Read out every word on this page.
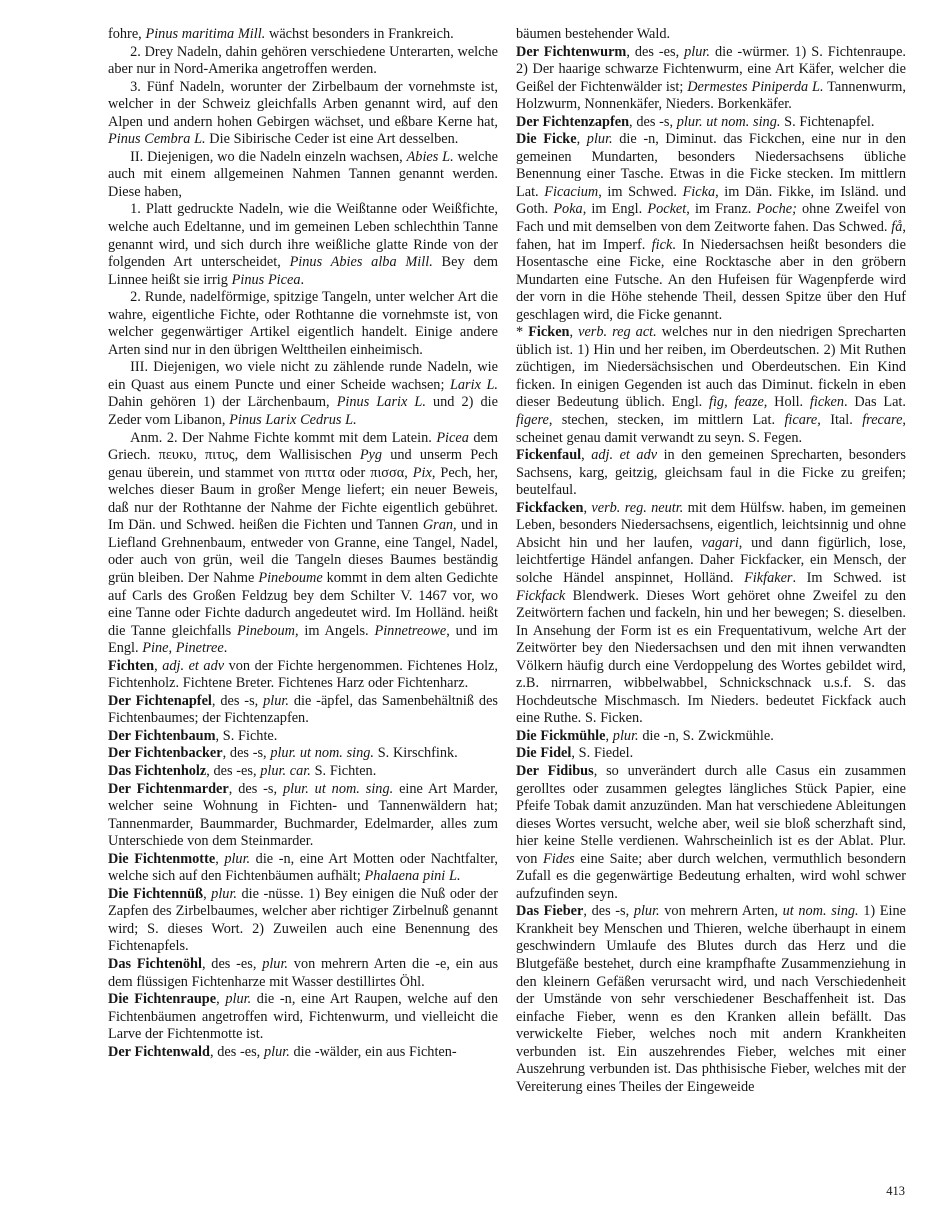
fohre, Pinus maritima Mill. wächst besonders in Frankreich.

2. Drey Nadeln, dahin gehören verschiedene Unterarten, welche aber nur in Nord-Amerika angetroffen werden.

3. Fünf Nadeln, worunter der Zirbelbaum der vornehmste ist, welcher in der Schweiz gleichfalls Arben genannt wird, auf den Alpen und andern hohen Gebirgen wächset, und eßbare Kerne hat, Pinus Cembra L. Die Sibirische Ceder ist eine Art desselben.

II. Diejenigen, wo die Nadeln einzeln wachsen, Abies L. welche auch mit einem allgemeinen Nahmen Tannen genannt werden. Diese haben,

1. Platt gedruckte Nadeln, wie die Weißtanne oder Weißfichte, welche auch Edeltanne, und im gemeinen Leben schlechthin Tanne genannt wird, und sich durch ihre weißliche glatte Rinde von der folgenden Art unterscheidet, Pinus Abies alba Mill. Bey dem Linnee heißt sie irrig Pinus Picea.

2. Runde, nadelförmige, spitzige Tangeln, unter welcher Art die wahre, eigentliche Fichte, oder Rothtanne die vornehmste ist, von welcher gegenwärtiger Artikel eigentlich handelt. Einige andere Arten sind nur in den übrigen Welttheilen einheimisch.

III. Diejenigen, wo viele nicht zu zählende runde Nadeln, wie ein Quast aus einem Puncte und einer Scheide wachsen; Larix L. Dahin gehören 1) der Lärchenbaum, Pinus Larix L. und 2) die Zeder vom Libanon, Pinus Larix Cedrus L.

Anm. 2. Der Nahme Fichte kommt mit dem Latein. Picea dem Griech. πευκυ, πιτυς, dem Wallisischen Pyg und unserm Pech genau überein, und stammet von πιττα oder πισσα, Pix, Pech, her, welches dieser Baum in großer Menge liefert; ein neuer Beweis, daß nur der Rothtanne der Nahme der Fichte eigentlich gebühret. Im Dän. und Schwed. heißen die Fichten und Tannen Gran, und in Liefland Grehnenbaum, entweder von Granne, eine Tangel, Nadel, oder auch von grün, weil die Tangeln dieses Baumes beständig grün bleiben. Der Nahme Pineboume kommt in dem alten Gedichte auf Carls des Großen Feldzug bey dem Schilter V. 1467 vor, wo eine Tanne oder Fichte dadurch angedeutet wird. Im Holländ. heißt die Tanne gleichfalls Pineboum, im Angels. Pinnetreowe, und im Engl. Pine, Pinetree.

Fichten, adj. et adv von der Fichte hergenommen. Fichtenes Holz, Fichtenholz. Fichtene Breter. Fichtenes Harz oder Fichtenharz.

Der Fichtenapfel, des -s, plur. die -äpfel, das Samenbehältniß des Fichtenbaumes; der Fichtenzapfen.

Der Fichtenbaum, S. Fichte.

Der Fichtenbacker, des -s, plur. ut nom. sing. S. Kirschfink.

Das Fichtenholz, des -es, plur. car. S. Fichten.

Der Fichtenmarder, des -s, plur. ut nom. sing. eine Art Marder, welcher seine Wohnung in Fichten- und Tannenwäldern hat; Tannenmarder, Baummarder, Buchmarder, Edelmarder, alles zum Unterschiede von dem Steinmarder.

Die Fichtenmotte, plur. die -n, eine Art Motten oder Nachtfalter, welche sich auf den Fichtenbäumen aufhält; Phalaena pini L.

Die Fichtennüß, plur. die -nüsse. 1) Bey einigen die Nuß oder der Zapfen des Zirbelbaumes, welcher aber richtiger Zirbelnuß genannt wird; S. dieses Wort. 2) Zuweilen auch eine Benennung des Fichtenapfels.

Das Fichtenöhl, des -es, plur. von mehrern Arten die -e, ein aus dem flüssigen Fichtenharze mit Wasser destillirtes Öhl.

Die Fichtenraupe, plur. die -n, eine Art Raupen, welche auf den Fichtenbäumen angetroffen wird, Fichtenwurm, und vielleicht die Larve der Fichtenmotte ist.

Der Fichtenwald, des -es, plur. die -wälder, ein aus Fichten-

bäumen bestehender Wald.

Der Fichtenwurm, des -es, plur. die -würmer. 1) S. Fichtenraupe. 2) Der haarige schwarze Fichtenwurm, eine Art Käfer, welcher die Geißel der Fichtenwälder ist; Dermestes Piniperda L. Tannenwurm, Holzwurm, Nonnenkäfer, Nieders. Borkenkäfer.

Der Fichtenzapfen, des -s, plur. ut nom. sing. S. Fichtenapfel.

Die Ficke, plur. die -n, Diminut. das Fickchen, eine nur in den gemeinen Mundarten, besonders Niedersachsens übliche Benennung einer Tasche. Etwas in die Ficke stecken. Im mittlern Lat. Ficacium, im Schwed. Ficka, im Dän. Fikke, im Isländ. und Goth. Poka, im Engl. Pocket, im Franz. Poche; ohne Zweifel von Fach und mit demselben von dem Zeitworte fahen. Das Schwed. få, fahen, hat im Imperf. fick. In Niedersachsen heißt besonders die Hosentasche eine Ficke, eine Rocktasche aber in den gröbern Mundarten eine Futsche. An den Hufeisen für Wagenpferde wird der vorn in die Höhe stehende Theil, dessen Spitze über den Huf geschlagen wird, die Ficke genannt.

* Ficken, verb. reg act. welches nur in den niedrigen Sprecharten üblich ist. 1) Hin und her reiben, im Oberdeutschen. 2) Mit Ruthen züchtigen, im Niedersächsischen und Oberdeutschen. Ein Kind ficken. In einigen Gegenden ist auch das Diminut. fickeln in eben dieser Bedeutung üblich. Engl. fig, feaze, Holl. ficken. Das Lat. figere, stechen, stecken, im mittlern Lat. ficare, Ital. frecare, scheinet genau damit verwandt zu seyn. S. Fegen.

Fickenfaul, adj. et adv in den gemeinen Sprecharten, besonders Sachsens, karg, geitzig, gleichsam faul in die Ficke zu greifen; beutelfaul.

Fickfacken, verb. reg. neutr. mit dem Hülfsw. haben, im gemeinen Leben, besonders Niedersachsens, eigentlich, leichtsinnig und ohne Absicht hin und her laufen, vagari, und dann figürlich, lose, leichtfertige Händel anfangen. Daher Fickfacker, ein Mensch, der solche Händel anspinnet, Holländ. Fikfaker. Im Schwed. ist Fickfack Blendwerk. Dieses Wort gehöret ohne Zweifel zu den Zeitwörtern fachen und fackeln, hin und her bewegen; S. dieselben. In Ansehung der Form ist es ein Frequentativum, welche Art der Zeitwörter bey den Niedersachsen und den mit ihnen verwandten Völkern häufig durch eine Verdoppelung des Wortes gebildet wird, z.B. nirrnarren, wibbelwabbel, Schnickschnack u.s.f. S. das Hochdeutsche Mischmasch. Im Nieders. bedeutet Fickfack auch eine Ruthe. S. Ficken.

Die Fickmühle, plur. die -n, S. Zwickmühle.

Die Fidel, S. Fiedel.

Der Fidibus, so unverändert durch alle Casus ein zusammen gerolltes oder zusammen gelegtes längliches Stück Papier, eine Pfeife Tobak damit anzuzünden. Man hat verschiedene Ableitungen dieses Wortes versucht, welche aber, weil sie bloß scherzhaft sind, hier keine Stelle verdienen. Wahrscheinlich ist es der Ablat. Plur. von Fides eine Saite; aber durch welchen, vermuthlich besondern Zufall es die gegenwärtige Bedeutung erhalten, wird wohl schwer aufzufinden seyn.

Das Fieber, des -s, plur. von mehrern Arten, ut nom. sing. 1) Eine Krankheit bey Menschen und Thieren, welche überhaupt in einem geschwindern Umlaufe des Blutes durch das Herz und die Blutgefäße bestehet, durch eine krampfhafte Zusammenziehung in den kleinern Gefäßen verursacht wird, und nach Verschiedenheit der Umstände von sehr verschiedener Beschaffenheit ist. Das einfache Fieber, wenn es den Kranken allein befällt. Das verwickelte Fieber, welches noch mit andern Krankheiten verbunden ist. Ein auszehrendes Fieber, welches mit einer Auszehrung verbunden ist. Das phthisische Fieber, welches mit der Vereiterung eines Theiles der Eingeweide

413
